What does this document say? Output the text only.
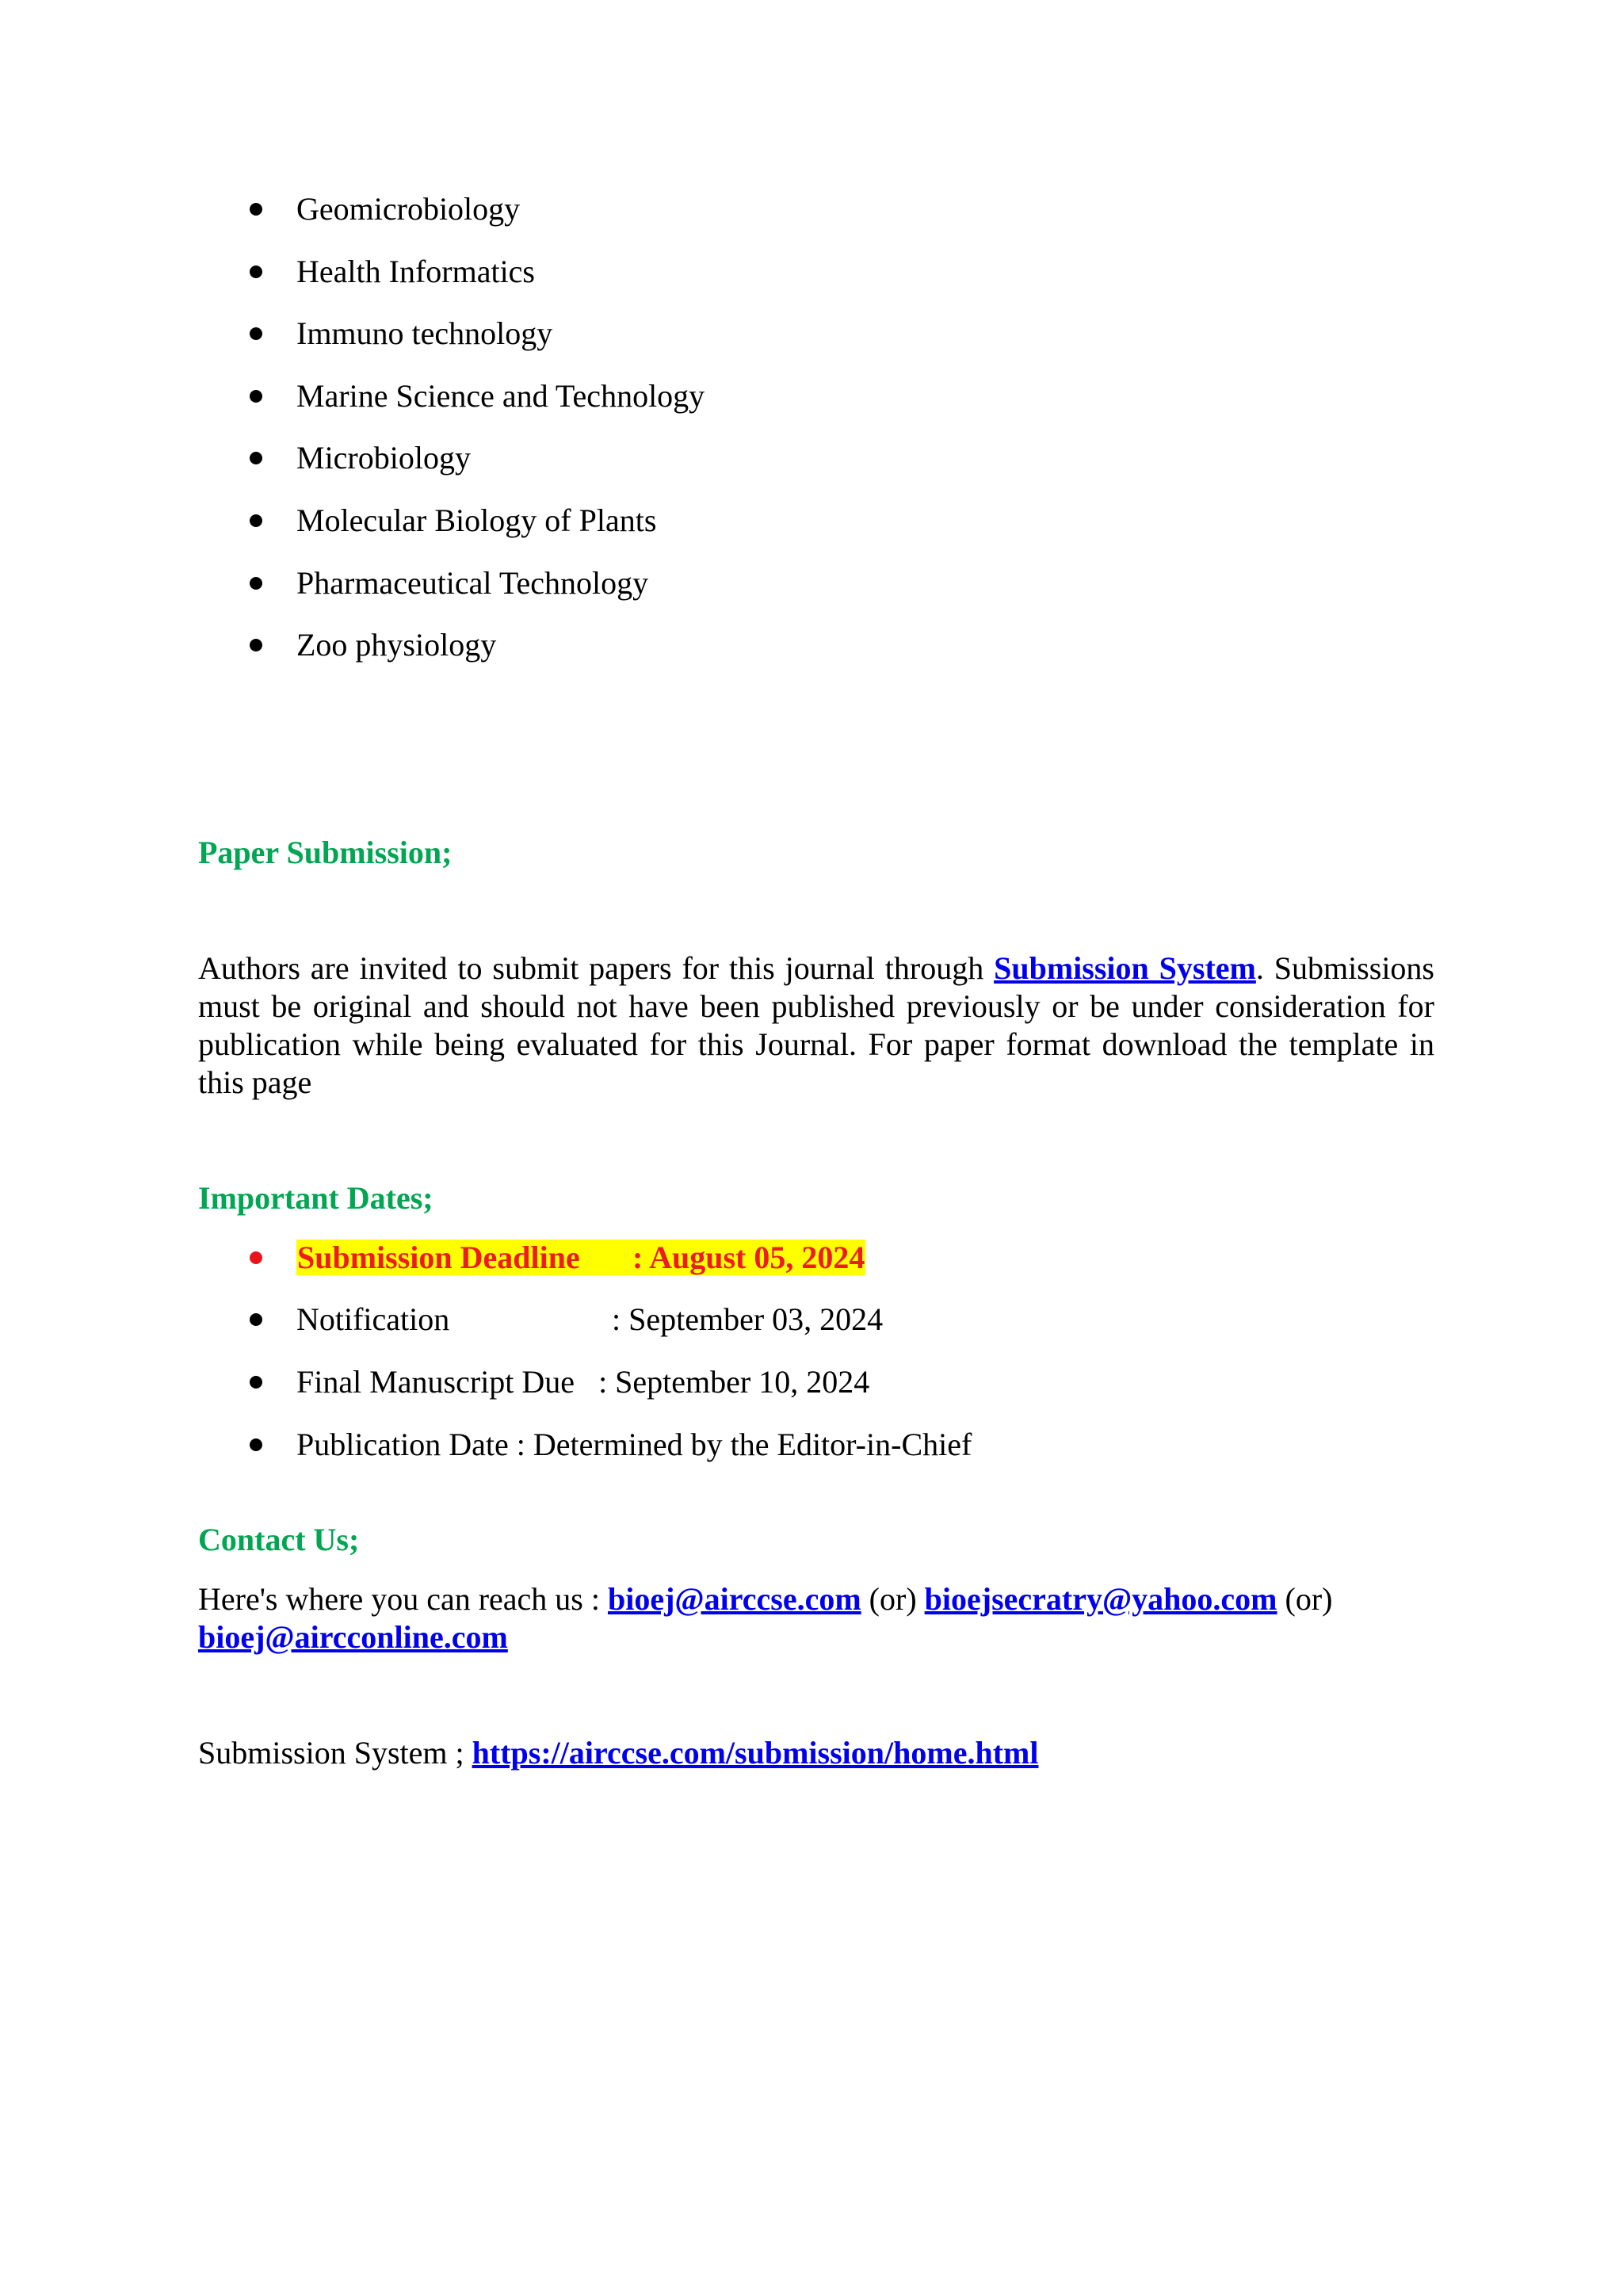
Geomicrobiology
Health Informatics
Immuno technology
Marine Science and Technology
Microbiology
Molecular Biology of Plants
Pharmaceutical Technology
Zoo physiology
Paper Submission;

Authors are invited to submit papers for this journal through Submission System. Submissions must be original and should not have been published previously or be under consideration for publication while being evaluated for this Journal. For paper format download the template in this page

Important Dates;
Submission Deadline : August 05, 2024
Notification	: September 03, 2024
Final Manuscript Due : September 10, 2024
Publication Date : Determined by the Editor-in-Chief
Contact Us;

Here's where you can reach us : bioej@airccse.com (or) bioejsecratry@yahoo.com (or)
bioej@aircconline.com

Submission System ; https://airccse.com/submission/home.html
